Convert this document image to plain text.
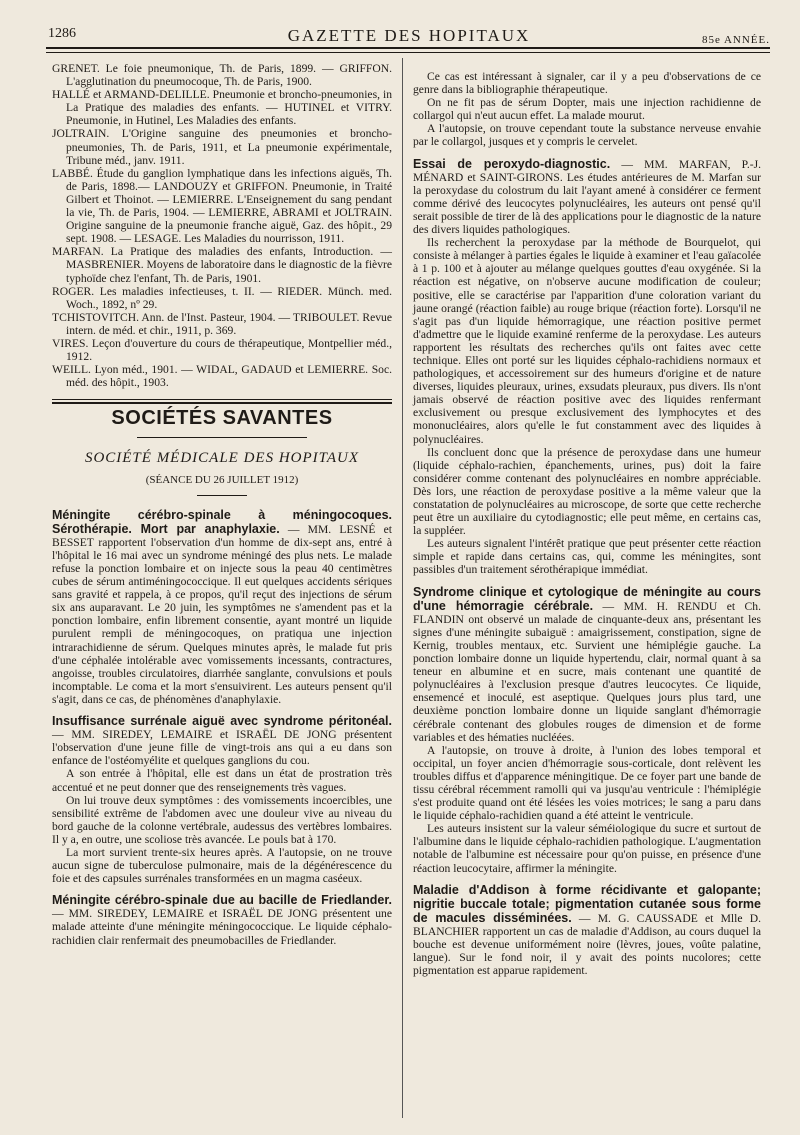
1286	GAZETTE DES HOPITAUX	85e ANNÉE.

GRENET. Le foie pneumonique, Th. de Paris, 1899. — GRIFFON. L'agglutination du pneumocoque, Th. de Paris, 1900.

HALLÉ et ARMAND-DELILLE. Pneumonie et broncho-pneumonies, in La Pratique des maladies des enfants. — HUTINEL et VITRY. Pneumonie, in Hutinel, Les Maladies des enfants.

JOLTRAIN. L'Origine sanguine des pneumonies et broncho-pneumonies, Th. de Paris, 1911, et La pneumonie expérimentale, Tribune méd., janv. 1911.

LABBÉ. Étude du ganglion lymphatique dans les infections aiguës, Th. de Paris, 1898.— LANDOUZY et GRIFFON. Pneumonie, in Traité Gilbert et Thoinot. — LEMIERRE. L'Enseignement du sang pendant la vie, Th. de Paris, 1904. — LEMIERRE, ABRAMI et JOLTRAIN. Origine sanguine de la pneumonie franche aiguë, Gaz. des hôpit., 29 sept. 1908. — LESAGE. Les Maladies du nourrisson, 1911.

MARFAN. La Pratique des maladies des enfants, Introduction. — MASBRENIER. Moyens de laboratoire dans le diagnostic de la fièvre typhoïde chez l'enfant, Th. de Paris, 1901.

ROGER. Les maladies infectieuses, t. II. — RIEDER. Münch. med. Woch., 1892, nº 29.

TCHISTOVITCH. Ann. de l'Inst. Pasteur, 1904. — TRIBOULET. Revue intern. de méd. et chir., 1911, p. 369.

VIRES. Leçon d'ouverture du cours de thérapeutique, Montpellier méd., 1912.

WEILL. Lyon méd., 1901. — WIDAL, GADAUD et LEMIERRE. Soc. méd. des hôpit., 1903.

SOCIÉTÉS SAVANTES
SOCIÉTÉ MÉDICALE DES HOPITAUX
(SÉANCE DU 26 JUILLET 1912)

Méningite cérébro-spinale à méningocoques. Sérothérapie. Mort par anaphylaxie. — MM. LESNÉ et BESSET rapportent l'observation d'un homme de dix-sept ans, entré à l'hôpital le 16 mai avec un syndrome méningé des plus nets. Le malade refuse la ponction lombaire et on injecte sous la peau 40 centimètres cubes de sérum antiméningococcique. Il eut quelques accidents sériques sans gravité et rappela, à ce propos, qu'il reçut des injections de sérum six ans auparavant. Le 20 juin, les symptômes ne s'amendent pas et la ponction lombaire, enfin librement consentie, ayant montré un liquide purulent rempli de méningocoques, on pratiqua une injection intrarachidienne de sérum. Quelques minutes après, le malade fut pris d'une céphalée intolérable avec vomissements incessants, contractures, angoisse, troubles circulatoires, diarrhée sanglante, convulsions et pouls incomptable. Le coma et la mort s'ensuivirent. Les auteurs pensent qu'il s'agit, dans ce cas, de phénomènes d'anaphylaxie.

Insuffisance surrénale aiguë avec syndrome péritonéal. — MM. SIREDEY, LEMAIRE et ISRAËL DE JONG présentent l'observation d'une jeune fille de vingt-trois ans qui a eu dans son enfance de l'ostéomyélite et quelques ganglions du cou.

A son entrée à l'hôpital, elle est dans un état de prostration très accentué et ne peut donner que des renseignements très vagues.

On lui trouve deux symptômes : des vomissements incoercibles, une sensibilité extrême de l'abdomen avec une douleur vive au niveau du bord gauche de la colonne vertébrale, audessus des vertèbres lombaires. Il y a, en outre, une scoliose très avancée. Le pouls bat à 170.

La mort survient trente-six heures après. A l'autopsie, on ne trouve aucun signe de tuberculose pulmonaire, mais de la dégénérescence du foie et des capsules surrénales transformées en un magma caséeux.

Méningite cérébro-spinale due au bacille de Friedlander. — MM. SIREDEY, LEMAIRE et ISRAËL DE JONG présentent une malade atteinte d'une méningite méningococcique. Le liquide céphalo-rachidien clair renfermait des pneumobacilles de Friedlander.

Ce cas est intéressant à signaler, car il y a peu d'observations de ce genre dans la bibliographie thérapeutique.

On ne fit pas de sérum Dopter, mais une injection rachidienne de collargol qui n'eut aucun effet. La malade mourut.

A l'autopsie, on trouve cependant toute la substance nerveuse envahie par le collargol, jusques et y compris le cervelet.

Essai de peroxydo-diagnostic. — MM. MARFAN, P.-J. MÉNARD et SAINT-GIRONS. Les études antérieures de M. Marfan sur la peroxydase du colostrum du lait l'ayant amené à considérer ce ferment comme dérivé des leucocytes polynucléaires, les auteurs ont pensé qu'il serait possible de tirer de là des applications pour le diagnostic de la nature des divers liquides pathologiques.

Ils recherchent la peroxydase par la méthode de Bourquelot, qui consiste à mélanger à parties égales le liquide à examiner et l'eau gaïacolée à 1 p. 100 et à ajouter au mélange quelques gouttes d'eau oxygénée. Si la réaction est négative, on n'observe aucune modification de couleur; positive, elle se caractérise par l'apparition d'une coloration variant du jaune orangé (réaction faible) au rouge brique (réaction forte). Lorsqu'il ne s'agit pas d'un liquide hémorragique, une réaction positive permet d'admettre que le liquide examiné renferme de la peroxydase. Les auteurs rapportent les résultats des recherches qu'ils ont faites avec cette technique. Elles ont porté sur les liquides céphalo-rachidiens normaux et pathologiques, et accessoirement sur des humeurs d'origine et de nature diverses, liquides pleuraux, urines, exsudats pleuraux, pus divers. Ils n'ont jamais observé de réaction positive avec des liquides renfermant exclusivement ou presque exclusivement des lymphocytes et des mononucléaires, alors qu'elle le fut constamment avec des liquides à polynucléaires.

Ils concluent donc que la présence de peroxydase dans une humeur (liquide céphalo-rachien, épanchements, urines, pus) doit la faire considérer comme contenant des polynucléaires en nombre appréciable. Dès lors, une réaction de peroxydase positive a la même valeur que la constatation de polynucléaires au microscope, de sorte que cette recherche peut être un auxiliaire du cytodiagnostic; elle peut même, en certains cas, la suppléer.

Les auteurs signalent l'intérêt pratique que peut présenter cette réaction simple et rapide dans certains cas, qui, comme les méningites, sont passibles d'un traitement sérothérapique immédiat.

Syndrome clinique et cytologique de méningite au cours d'une hémorragie cérébrale. — MM. H. RENDU et Ch. FLANDIN ont observé un malade de cinquante-deux ans, présentant les signes d'une méningite subaiguë : amaigrissement, constipation, signe de Kernig, troubles mentaux, etc. Survient une hémiplégie gauche. La ponction lombaire donne un liquide hypertendu, clair, normal quant à sa teneur en albumine et en sucre, mais contenant une quantité de polynucléaires à l'exclusion presque d'autres leucocytes. Ce liquide, ensemencé et inoculé, est aseptique. Quelques jours plus tard, une deuxième ponction lombaire donne un liquide sanglant d'hémorragie cérébrale contenant des globules rouges de dimension et de forme variables et des hématies nucléées.

A l'autopsie, on trouve à droite, à l'union des lobes temporal et occipital, un foyer ancien d'hémorragie sous-corticale, dont relèvent les troubles diffus et d'apparence méningitique. De ce foyer part une bande de tissu cérébral récemment ramolli qui va jusqu'au ventricule : l'hémiplégie s'est produite quand ont été lésées les voies motrices; le sang a paru dans le liquide céphalo-rachidien quand a été atteint le ventricule.

Les auteurs insistent sur la valeur séméiologique du sucre et surtout de l'albumine dans le liquide céphalo-rachidien pathologique. L'augmentation notable de l'albumine est nécessaire pour qu'on puisse, en présence d'une réaction leucocytaire, affirmer la méningite.

Maladie d'Addison à forme récidivante et galopante; nigritie buccale totale; pigmentation cutanée sous forme de macules disséminées. — M. G. CAUSSADE et Mlle D. BLANCHIER rapportent un cas de maladie d'Addison, au cours duquel la bouche est devenue uniformément noire (lèvres, joues, voûte palatine, langue). Sur le fond noir, il y avait des points nucolores; cette pigmentation est apparue rapidement.
